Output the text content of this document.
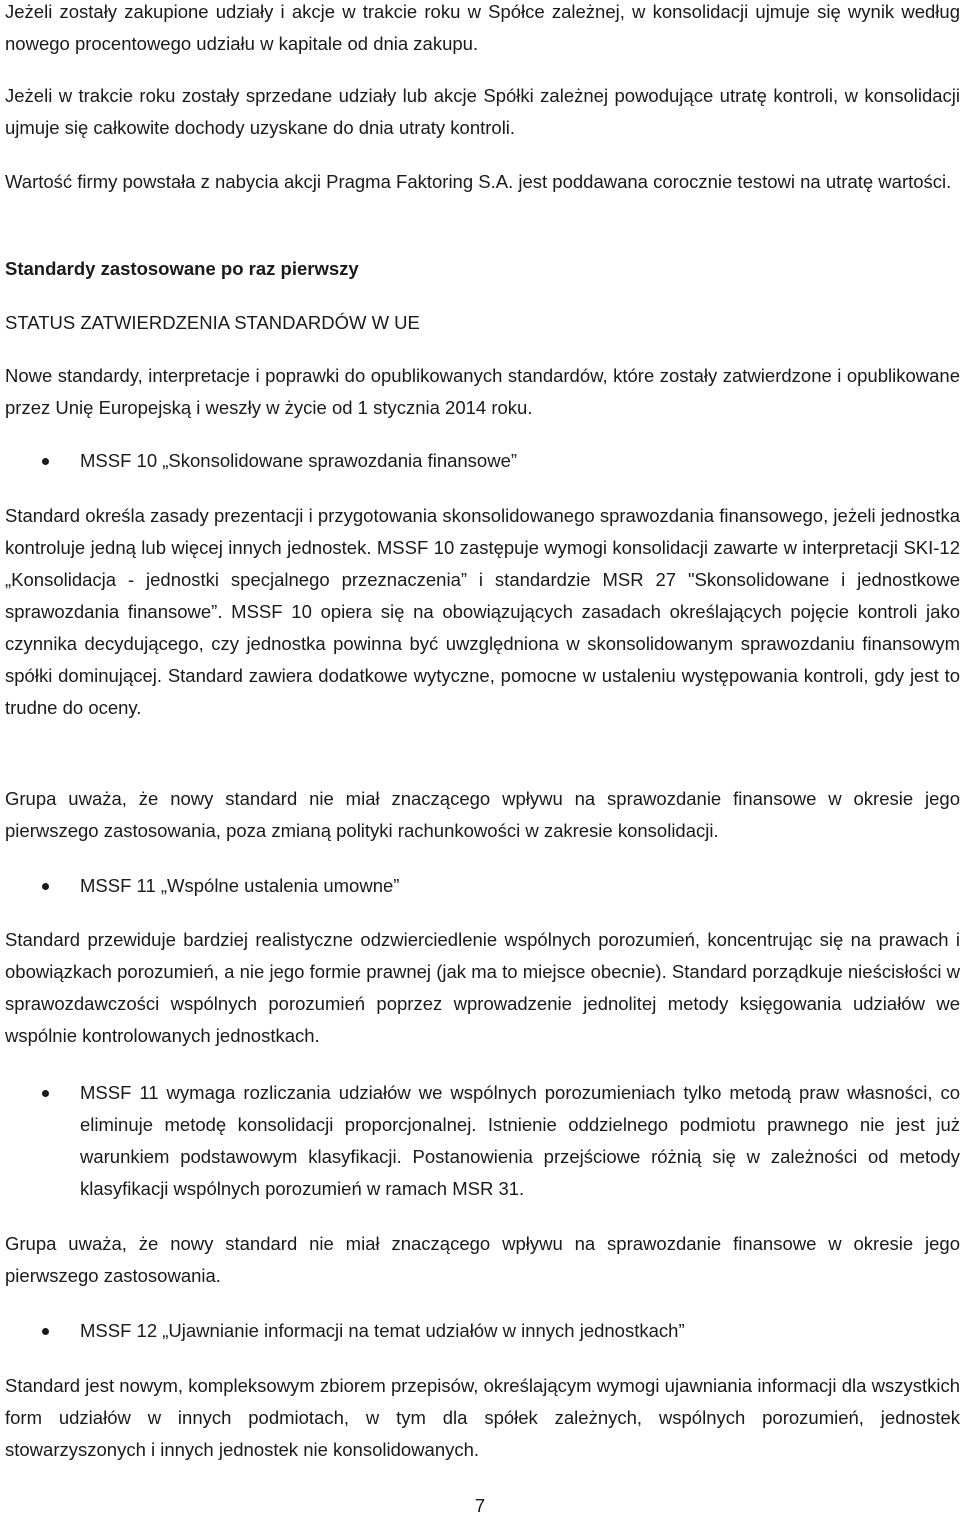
Jeżeli zostały zakupione udziały i akcje w trakcie roku w Spółce zależnej, w konsolidacji ujmuje się wynik według nowego procentowego udziału w kapitale od dnia zakupu.

Jeżeli w trakcie roku zostały sprzedane udziały lub akcje Spółki zależnej powodujące utratę kontroli, w konsolidacji ujmuje się całkowite dochody uzyskane do dnia utraty kontroli.

Wartość firmy powstała z nabycia akcji Pragma Faktoring S.A. jest poddawana corocznie testowi na utratę wartości.

Standardy zastosowane po raz pierwszy

STATUS ZATWIERDZENIA STANDARDÓW W UE

Nowe standardy, interpretacje i poprawki do opublikowanych standardów, które zostały zatwierdzone i opublikowane przez Unię Europejską i weszły w życie od 1 stycznia 2014 roku.

MSSF 10 „Skonsolidowane sprawozdania finansowe”

Standard określa zasady prezentacji i przygotowania skonsolidowanego sprawozdania finansowego, jeżeli jednostka kontroluje jedną lub więcej innych jednostek. MSSF 10 zastępuje wymogi konsolidacji zawarte w interpretacji SKI-12 „Konsolidacja - jednostki specjalnego przeznaczenia” i standardzie MSR 27 "Skonsolidowane i jednostkowe sprawozdania finansowe”. MSSF 10 opiera się na obowiązujących zasadach określających pojęcie kontroli jako czynnika decydującego, czy jednostka powinna być uwzględniona w skonsolidowanym sprawozdaniu finansowym spółki dominującej. Standard zawiera dodatkowe wytyczne, pomocne w ustaleniu występowania kontroli, gdy jest to trudne do oceny.

Grupa uważa, że nowy standard nie miał znaczącego wpływu na sprawozdanie finansowe w okresie jego pierwszego zastosowania, poza zmianą polityki rachunkowości w zakresie konsolidacji.

MSSF 11 „Wspólne ustalenia umowne”

Standard przewiduje bardziej realistyczne odzwierciedlenie wspólnych porozumień, koncentrując się na prawach i obowiązkach porozumień, a nie jego formie prawnej (jak ma to miejsce obecnie). Standard porządkuje nieścisłości w sprawozdawczości wspólnych porozumień poprzez wprowadzenie jednolitej metody księgowania udziałów we wspólnie kontrolowanych jednostkach.

MSSF 11 wymaga rozliczania udziałów we wspólnych porozumieniach tylko metodą praw własności, co eliminuje metodę konsolidacji proporcjonalnej. Istnienie oddzielnego podmiotu prawnego nie jest już warunkiem podstawowym klasyfikacji. Postanowienia przejściowe różnią się w zależności od metody klasyfikacji wspólnych porozumień w ramach MSR 31.

Grupa uważa, że nowy standard nie miał znaczącego wpływu na sprawozdanie finansowe w okresie jego pierwszego zastosowania.

MSSF 12 „Ujawnianie informacji na temat udziałów w innych jednostkach”

Standard jest nowym, kompleksowym zbiorem przepisów, określającym wymogi ujawniania informacji dla wszystkich form udziałów w innych podmiotach, w tym dla spółek zależnych, wspólnych porozumień, jednostek stowarzyszonych i innych jednostek nie konsolidowanych.

7
